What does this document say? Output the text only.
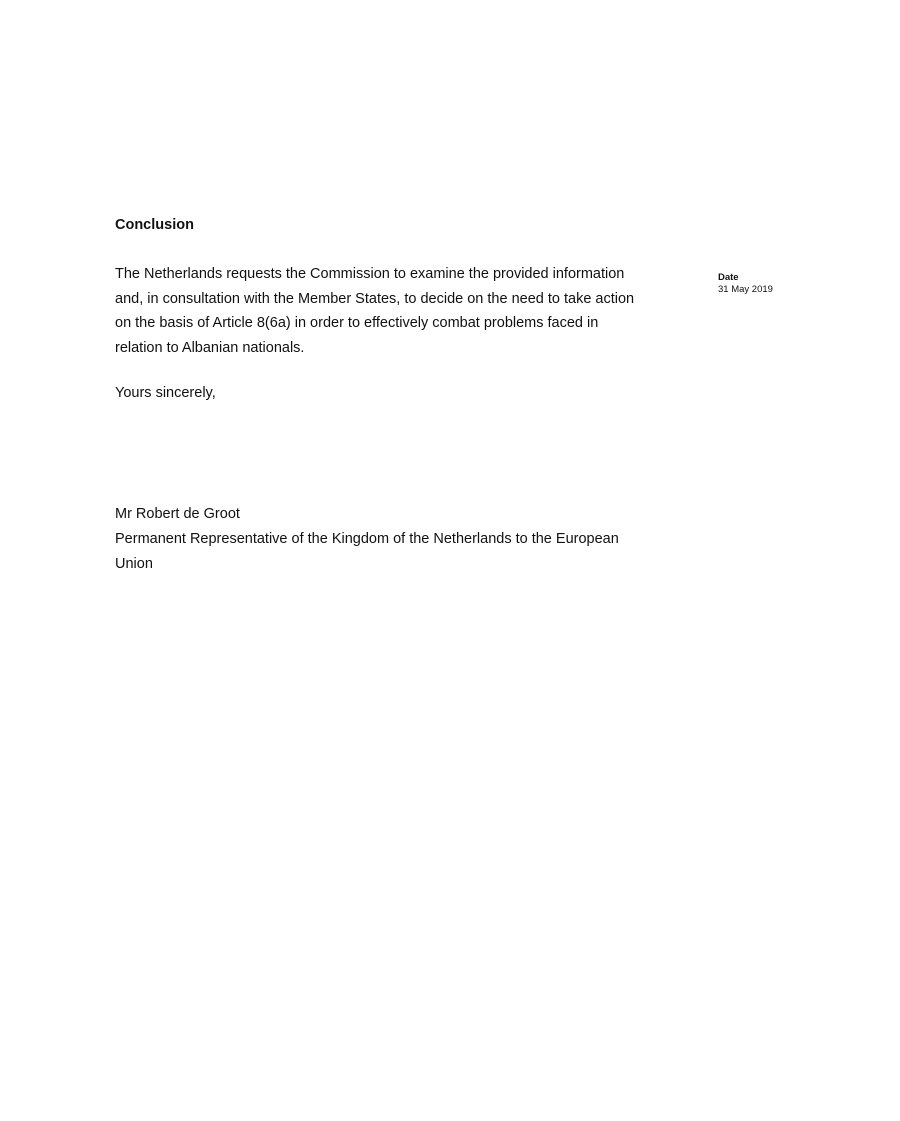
Conclusion

The Netherlands requests the Commission to examine the provided information
and, in consultation with the Member States, to decide on the need to take action
on the basis of Article 8(6a) in order to effectively combat problems faced in
relation to Albanian nationals.

Yours sincerely,
Mr Robert de Groot
Permanent Representative of the Kingdom of the Netherlands to the European
Union
Date
31 May 2019
